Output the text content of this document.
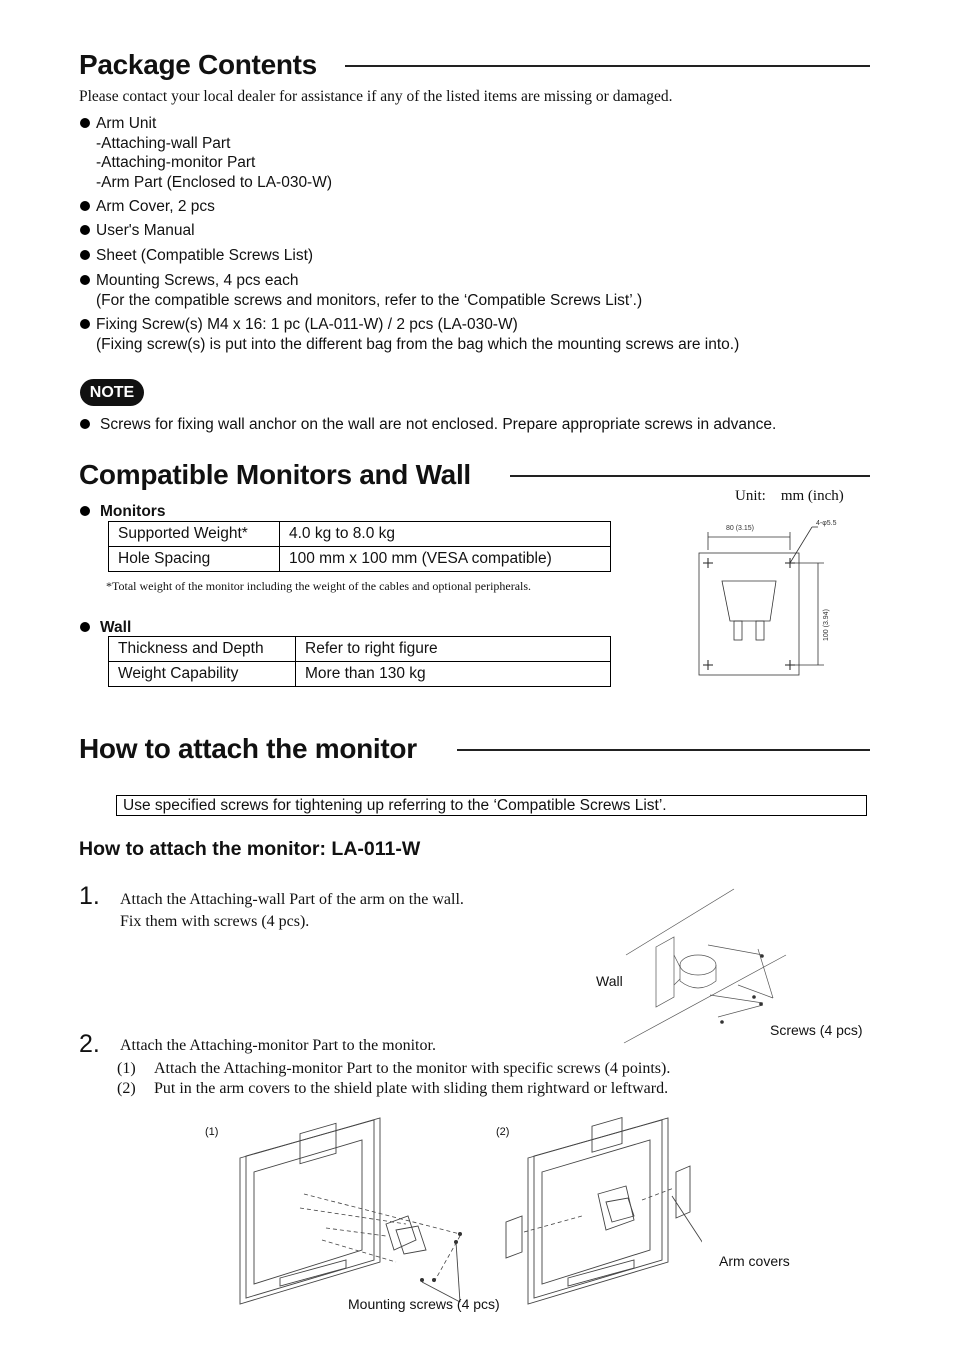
Package Contents
Please contact your local dealer for assistance if any of the listed items are missing or damaged.
Arm Unit
-Attaching-wall Part
-Attaching-monitor Part
-Arm Part (Enclosed to LA-030-W)
Arm Cover, 2 pcs
User's Manual
Sheet (Compatible Screws List)
Mounting Screws, 4 pcs each
(For the compatible screws and monitors, refer to the ‘Compatible Screws List’.)
Fixing Screw(s) M4 x 16: 1 pc (LA-011-W) / 2 pcs (LA-030-W)
(Fixing screw(s) is put into the different bag from the bag which the mounting screws are into.)
NOTE
Screws for fixing wall anchor on the wall are not enclosed. Prepare appropriate screws in advance.
Compatible Monitors and Wall
Unit: mm (inch)
Monitors
Supported Weight*	4.0 kg to 8.0 kg
Hole Spacing	100 mm x 100 mm (VESA compatible)
*Total weight of the monitor including the weight of the cables and optional peripherals.
Wall
Thickness and Depth	Refer to right figure
Weight Capability	More than 130 kg
80 (3.15)
4-φ5.5
100 (3.94)
How to attach the monitor
Use specified screws for tightening up referring to the ‘Compatible Screws List’.
How to attach the monitor: LA-011-W
1. Attach the Attaching-wall Part of the arm on the wall.
Fix them with screws (4 pcs).
Wall
Screws (4 pcs)
2. Attach the Attaching-monitor Part to the monitor.
(1) Attach the Attaching-monitor Part to the monitor with specific screws (4 points).
(2) Put in the arm covers to the shield plate with sliding them rightward or leftward.
(1)	(2)
Mounting screws (4 pcs)
Arm covers
